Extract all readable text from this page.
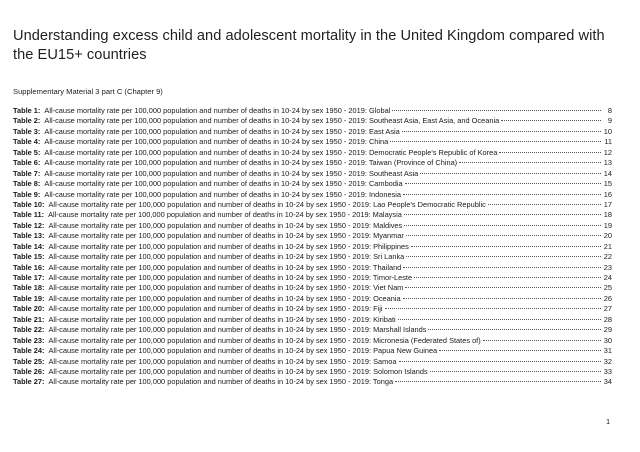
Understanding excess child and adolescent mortality in the United Kingdom compared with the EU15+ countries
Supplementary Material 3 part C (Chapter 9)
Table 1: All-cause mortality rate per 100,000 population and number of deaths in 10-24 by sex 1950 - 2019: Global	8
Table 2: All-cause mortality rate per 100,000 population and number of deaths in 10-24 by sex 1950 - 2019: Southeast Asia, East Asia, and Oceania	9
Table 3: All-cause mortality rate per 100,000 population and number of deaths in 10-24 by sex 1950 - 2019: East Asia	10
Table 4: All-cause mortality rate per 100,000 population and number of deaths in 10-24 by sex 1950 - 2019: China	11
Table 5: All-cause mortality rate per 100,000 population and number of deaths in 10-24 by sex 1950 - 2019: Democratic People's Republic of Korea	12
Table 6: All-cause mortality rate per 100,000 population and number of deaths in 10-24 by sex 1950 - 2019: Taiwan (Province of China)	13
Table 7: All-cause mortality rate per 100,000 population and number of deaths in 10-24 by sex 1950 - 2019: Southeast Asia	14
Table 8: All-cause mortality rate per 100,000 population and number of deaths in 10-24 by sex 1950 - 2019: Cambodia	15
Table 9: All-cause mortality rate per 100,000 population and number of deaths in 10-24 by sex 1950 - 2019: Indonesia	16
Table 10: All-cause mortality rate per 100,000 population and number of deaths in 10-24 by sex 1950 - 2019: Lao People's Democratic Republic	17
Table 11: All-cause mortality rate per 100,000 population and number of deaths in 10-24 by sex 1950 - 2019: Malaysia	18
Table 12: All-cause mortality rate per 100,000 population and number of deaths in 10-24 by sex 1950 - 2019: Maldives	19
Table 13: All-cause mortality rate per 100,000 population and number of deaths in 10-24 by sex 1950 - 2019: Myanmar	20
Table 14: All-cause mortality rate per 100,000 population and number of deaths in 10-24 by sex 1950 - 2019: Philippines	21
Table 15: All-cause mortality rate per 100,000 population and number of deaths in 10-24 by sex 1950 - 2019: Sri Lanka	22
Table 16: All-cause mortality rate per 100,000 population and number of deaths in 10-24 by sex 1950 - 2019: Thailand	23
Table 17: All-cause mortality rate per 100,000 population and number of deaths in 10-24 by sex 1950 - 2019: Timor-Leste	24
Table 18: All-cause mortality rate per 100,000 population and number of deaths in 10-24 by sex 1950 - 2019: Viet Nam	25
Table 19: All-cause mortality rate per 100,000 population and number of deaths in 10-24 by sex 1950 - 2019: Oceania	26
Table 20: All-cause mortality rate per 100,000 population and number of deaths in 10-24 by sex 1950 - 2019: Fiji	27
Table 21: All-cause mortality rate per 100,000 population and number of deaths in 10-24 by sex 1950 - 2019: Kiribati	28
Table 22: All-cause mortality rate per 100,000 population and number of deaths in 10-24 by sex 1950 - 2019: Marshall Islands	29
Table 23: All-cause mortality rate per 100,000 population and number of deaths in 10-24 by sex 1950 - 2019: Micronesia (Federated States of)	30
Table 24: All-cause mortality rate per 100,000 population and number of deaths in 10-24 by sex 1950 - 2019: Papua New Guinea	31
Table 25: All-cause mortality rate per 100,000 population and number of deaths in 10-24 by sex 1950 - 2019: Samoa	32
Table 26: All-cause mortality rate per 100,000 population and number of deaths in 10-24 by sex 1950 - 2019: Solomon Islands	33
Table 27: All-cause mortality rate per 100,000 population and number of deaths in 10-24 by sex 1950 - 2019: Tonga	34
1
